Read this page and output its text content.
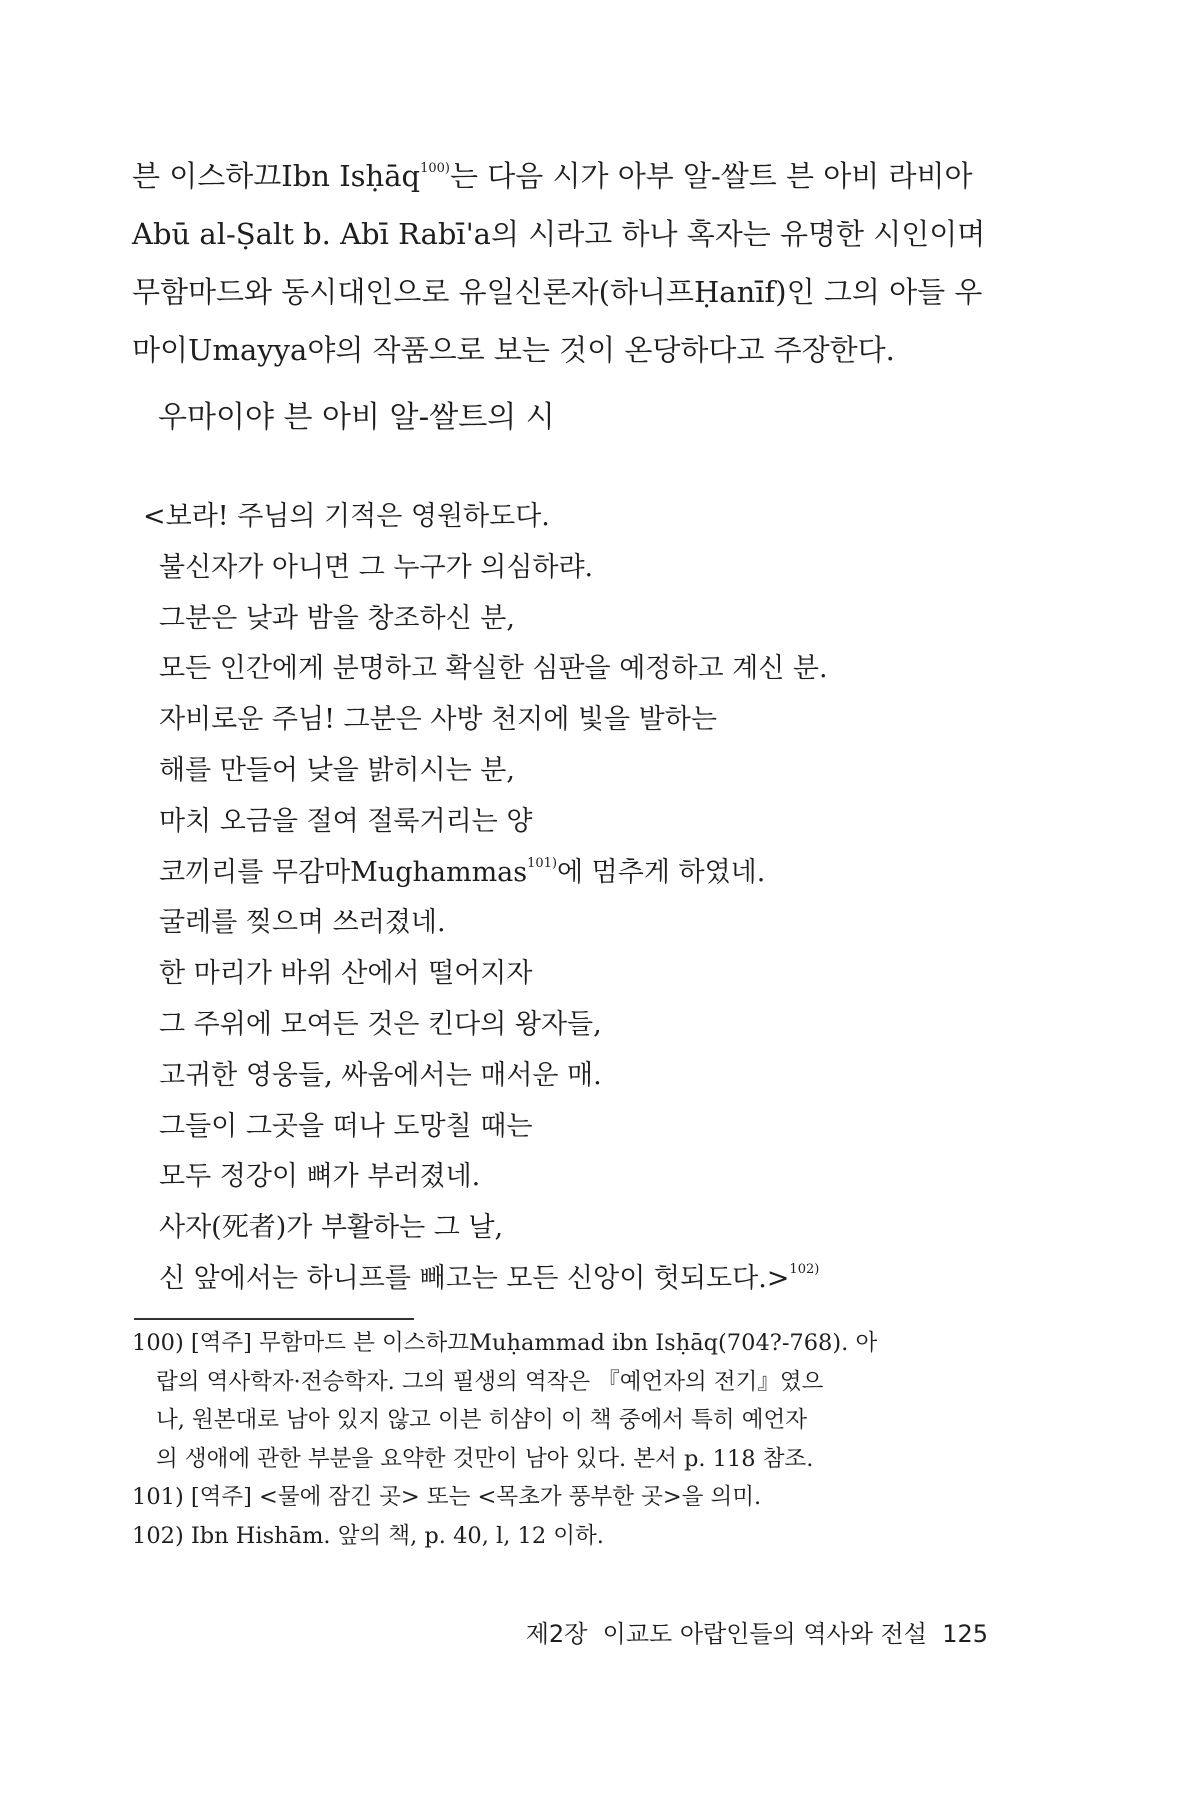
븐 이스하끄Ibn Isḥāq$^{100)}$는 다음 시가 아부 알-쌀트 븐 아비 라비아
Abū al-Ṣalt b. Abī Rabī'a의 시라고 하나 혹자는 유명한 시인이며
무함마드와 동시대인으로 유일신론자(하니프Ḥanīf)인 그의 아들 우
마이Umayya야의 작품으로 보는 것이 온당하다고 주장한다.

우마이야 븐 아비 알-쌀트의 시
<보라! 주님의 기적은 영원하도다.
불신자가 아니면 그 누구가 의심하랴.
그분은 낮과 밤을 창조하신 분,
모든 인간에게 분명하고 확실한 심판을 예정하고 계신 분.
자비로운 주님! 그분은 사방 천지에 빛을 발하는
해를 만들어 낮을 밝히시는 분,
마치 오금을 절여 절룩거리는 양
코끼리를 무감마Mughammas$^{101)}$에 멈추게 하였네.
굴레를 찢으며 쓰러졌네.
한 마리가 바위 산에서 떨어지자
그 주위에 모여든 것은 킨다의 왕자들,
고귀한 영웅들, 싸움에서는 매서운 매.
그들이 그곳을 떠나 도망칠 때는
모두 정강이 뼈가 부러졌네.
사자(死者)가 부활하는 그 날,
신 앞에서는 하니프를 빼고는 모든 신앙이 헛되도다.>$^{102)}$
100) [역주] 무함마드 븐 이스하끄Muḥammad ibn Isḥāq(704?-768). 아
랍의 역사학자·전승학자. 그의 필생의 역작은 『예언자의 전기』였으
나, 원본대로 남아 있지 않고 이븐 히샴이 이 책 중에서 특히 예언자
의 생애에 관한 부분을 요약한 것만이 남아 있다. 본서 p. 118 참조.
101) [역주] <물에 잠긴 곳> 또는 <목초가 풍부한 곳>을 의미.
102) Ibn Hishām. 앞의 책, p. 40, l, 12 이하.
제2장 이교도 아랍인들의 역사와 전설 125
